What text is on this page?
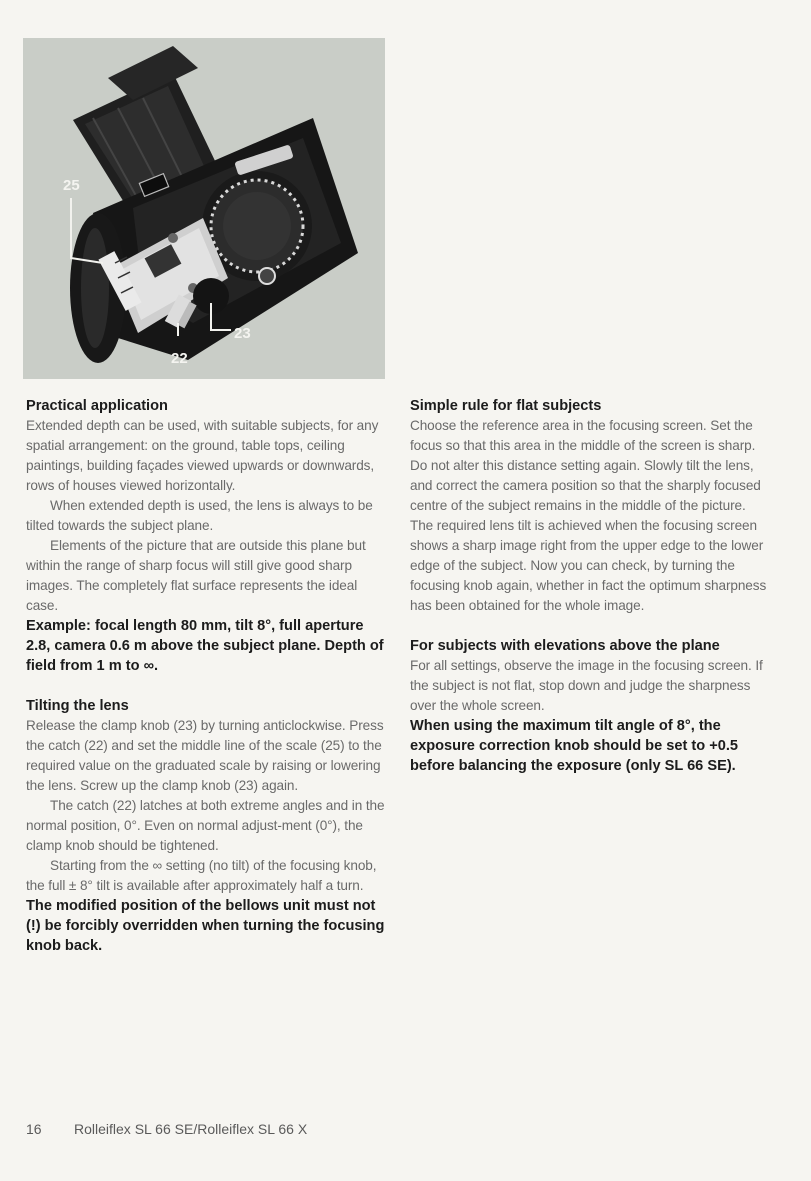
25
23
22

Practical application

Extended depth can be used, with suitable subjects, for any spatial arrangement: on the ground, table tops, ceiling paintings, building façades viewed upwards or downwards, rows of houses viewed horizontally.

When extended depth is used, the lens is always to be tilted towards the subject plane.

Elements of the picture that are outside this plane but within the range of sharp focus will still give good sharp images. The completely flat surface represents the ideal case.

Example: focal length 80 mm, tilt 8°, full aperture 2.8, camera 0.6 m above the subject plane. Depth of field from 1 m to ∞.

Tilting the lens

Release the clamp knob (23) by turning anticlockwise. Press the catch (22) and set the middle line of the scale (25) to the required value on the graduated scale by raising or lowering the lens. Screw up the clamp knob (23) again.

The catch (22) latches at both extreme angles and in the normal position, 0°. Even on normal adjust-ment (0°), the clamp knob should be tightened.

Starting from the ∞ setting (no tilt) of the focusing knob, the full ± 8° tilt is available after approximately half a turn.

The modified position of the bellows unit must not (!) be forcibly overridden when turning the focusing knob back.

Simple rule for flat subjects

Choose the reference area in the focusing screen. Set the focus so that this area in the middle of the screen is sharp. Do not alter this distance setting again. Slowly tilt the lens, and correct the camera position so that the sharply focused centre of the subject remains in the middle of the picture. The required lens tilt is achieved when the focusing screen shows a sharp image right from the upper edge to the lower edge of the subject. Now you can check, by turning the focusing knob again, whether in fact the optimum sharpness has been obtained for the whole image.

For subjects with elevations above the plane

For all settings, observe the image in the focusing screen. If the subject is not flat, stop down and judge the sharpness over the whole screen.

When using the maximum tilt angle of 8°, the exposure correction knob should be set to +0.5 before balancing the exposure (only SL 66 SE).

16 Rolleiflex SL 66 SE/Rolleiflex SL 66 X
